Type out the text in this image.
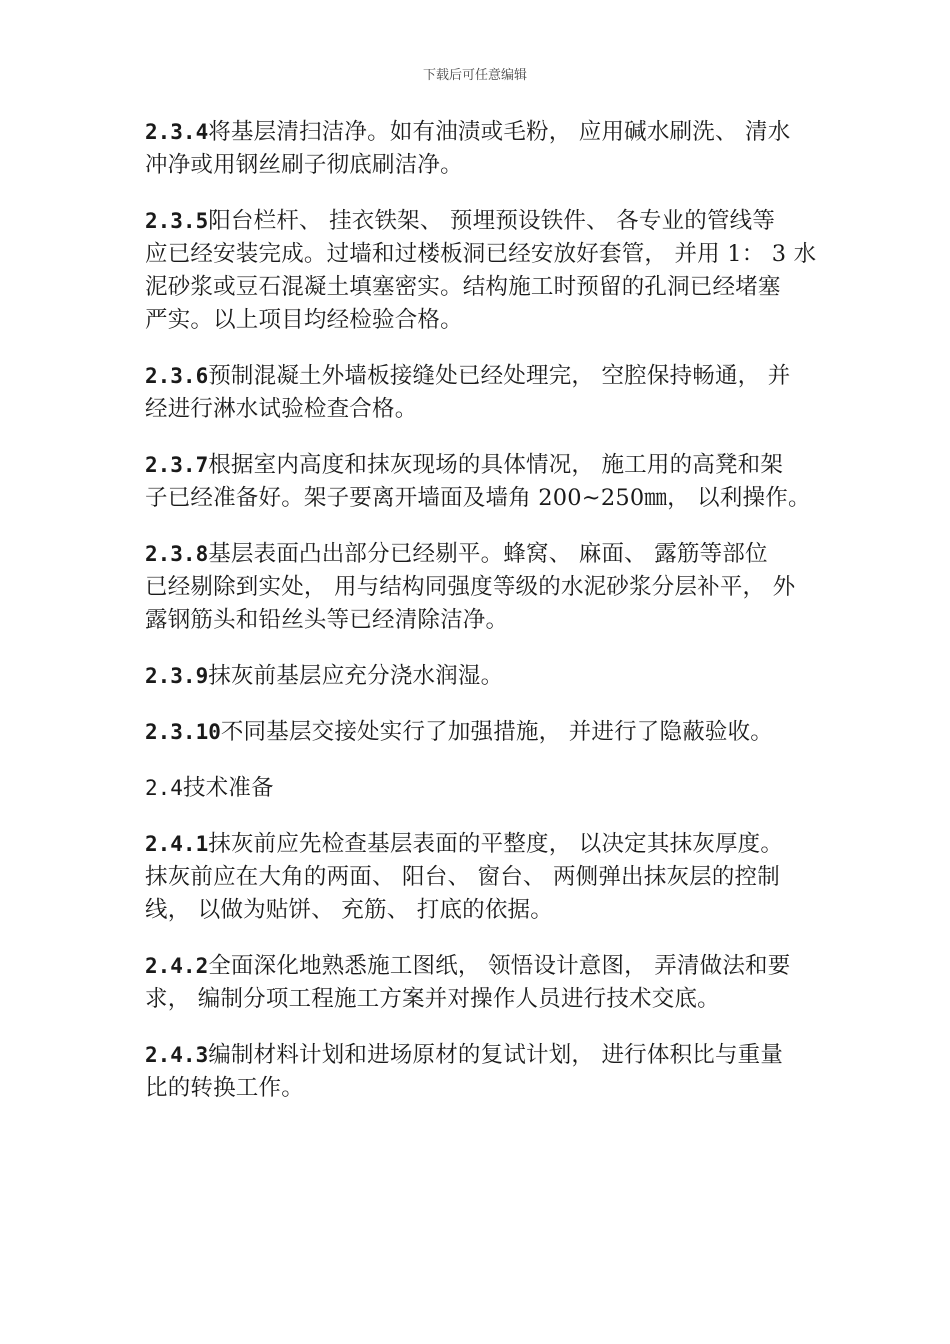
下载后可任意编辑

2.3.4将基层清扫洁净。如有油渍或毛粉， 应用碱水刷洗、 清水
冲净或用钢丝刷子彻底刷洁净。

2.3.5阳台栏杆、 挂衣铁架、 预埋预设铁件、 各专业的管线等
应已经安装完成。过墙和过楼板洞已经安放好套管， 并用 1： 3 水
泥砂浆或豆石混凝土填塞密实。结构施工时预留的孔洞已经堵塞
严实。以上项目均经检验合格。

2.3.6预制混凝土外墙板接缝处已经处理完， 空腔保持畅通， 并
经进行淋水试验检查合格。

2.3.7根据室内高度和抹灰现场的具体情况， 施工用的高凳和架
子已经准备好。架子要离开墙面及墙角 200~250㎜， 以利操作。

2.3.8基层表面凸出部分已经剔平。蜂窝、 麻面、 露筋等部位
已经剔除到实处， 用与结构同强度等级的水泥砂浆分层补平， 外
露钢筋头和铅丝头等已经清除洁净。

2.3.9抹灰前基层应充分浇水润湿。

2.3.10不同基层交接处实行了加强措施， 并进行了隐蔽验收。

2.4技术准备

2.4.1抹灰前应先检查基层表面的平整度， 以决定其抹灰厚度。
抹灰前应在大角的两面、 阳台、 窗台、 两侧弹出抹灰层的控制
线， 以做为贴饼、 充筋、 打底的依据。

2.4.2全面深化地熟悉施工图纸， 领悟设计意图， 弄清做法和要
求， 编制分项工程施工方案并对操作人员进行技术交底。

2.4.3编制材料计划和进场原材的复试计划， 进行体积比与重量
比的转换工作。
